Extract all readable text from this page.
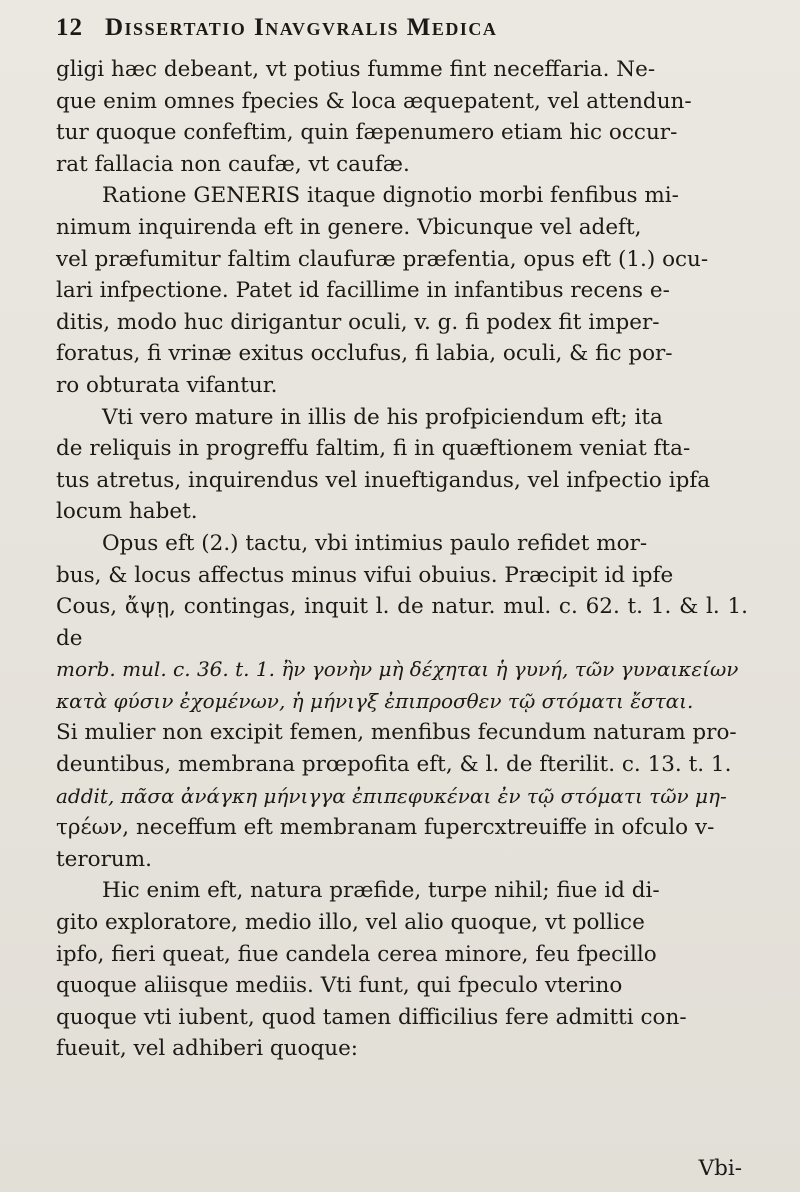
12 Dissertatio Inavgvralis Medica

gligi hæc debeant, vt potius fumme fint neceffaria. Ne-
que enim omnes fpecies & loca æquepatent, vel attendun-
tur quoque confeftim, quin fæpenumero etiam hic occur-
rat fallacia non caufæ, vt caufæ.

Ratione GENERIS itaque dignotio morbi fenfibus mi-
nimum inquirenda eft in genere. Vbicunque vel adeft,
vel præfumitur faltim claufuræ præfentia, opus eft (1.) ocu-
lari infpectione. Patet id facillime in infantibus recens e-
ditis, modo huc dirigantur oculi, v. g. fi podex fit imper-
foratus, fi vrinæ exitus occlufus, fi labia, oculi, & fic por-
ro obturata vifantur.

Vti vero mature in illis de his profpiciendum eft; ita
de reliquis in progreffu faltim, fi in quæftionem veniat fta-
tus atretus, inquirendus vel inueftigandus, vel infpectio ipfa
locum habet.

Opus eft (2.) tactu, vbi intimius paulo refidet mor-
bus, & locus affectus minus vifui obuius. Præcipit id ipfe
Cous, ἄψῃ, contingas, inquit l. de natur. mul. c. 62. t. 1. & l. 1. de
morb. mul. c. 36. t. 1. ἢν γονὴν μὴ δέχηται ἡ γυνή, τῶν γυναικείων
κατὰ φύσιν ἐχομένων, ἡ μήνιγξ ἐπιπροσθεν τῷ στόματι ἔσται.
Si mulier non excipit femen, menfibus fecundum naturam pro-
deuntibus, membrana prœpofita eft, & l. de fterilit. c. 13. t. 1.
addit, πᾶσα ἀνάγκη μήνιγγα ἐπιπεφυκέναι ἐν τῷ στόματι τῶν μη-
τρέων, neceffum eft membranam fupercxtreuiffe in ofculo v-
terorum.

Hic enim eft, natura præfide, turpe nihil; fiue id di-
gito exploratore, medio illo, vel alio quoque, vt pollice
ipfo, fieri queat, fiue candela cerea minore, feu fpecillo
quoque aliisque mediis. Vti funt, qui fpeculo vterino
quoque vti iubent, quod tamen difficilius fere admitti con-
fueuit, vel adhiberi quoque:

Vbi-
